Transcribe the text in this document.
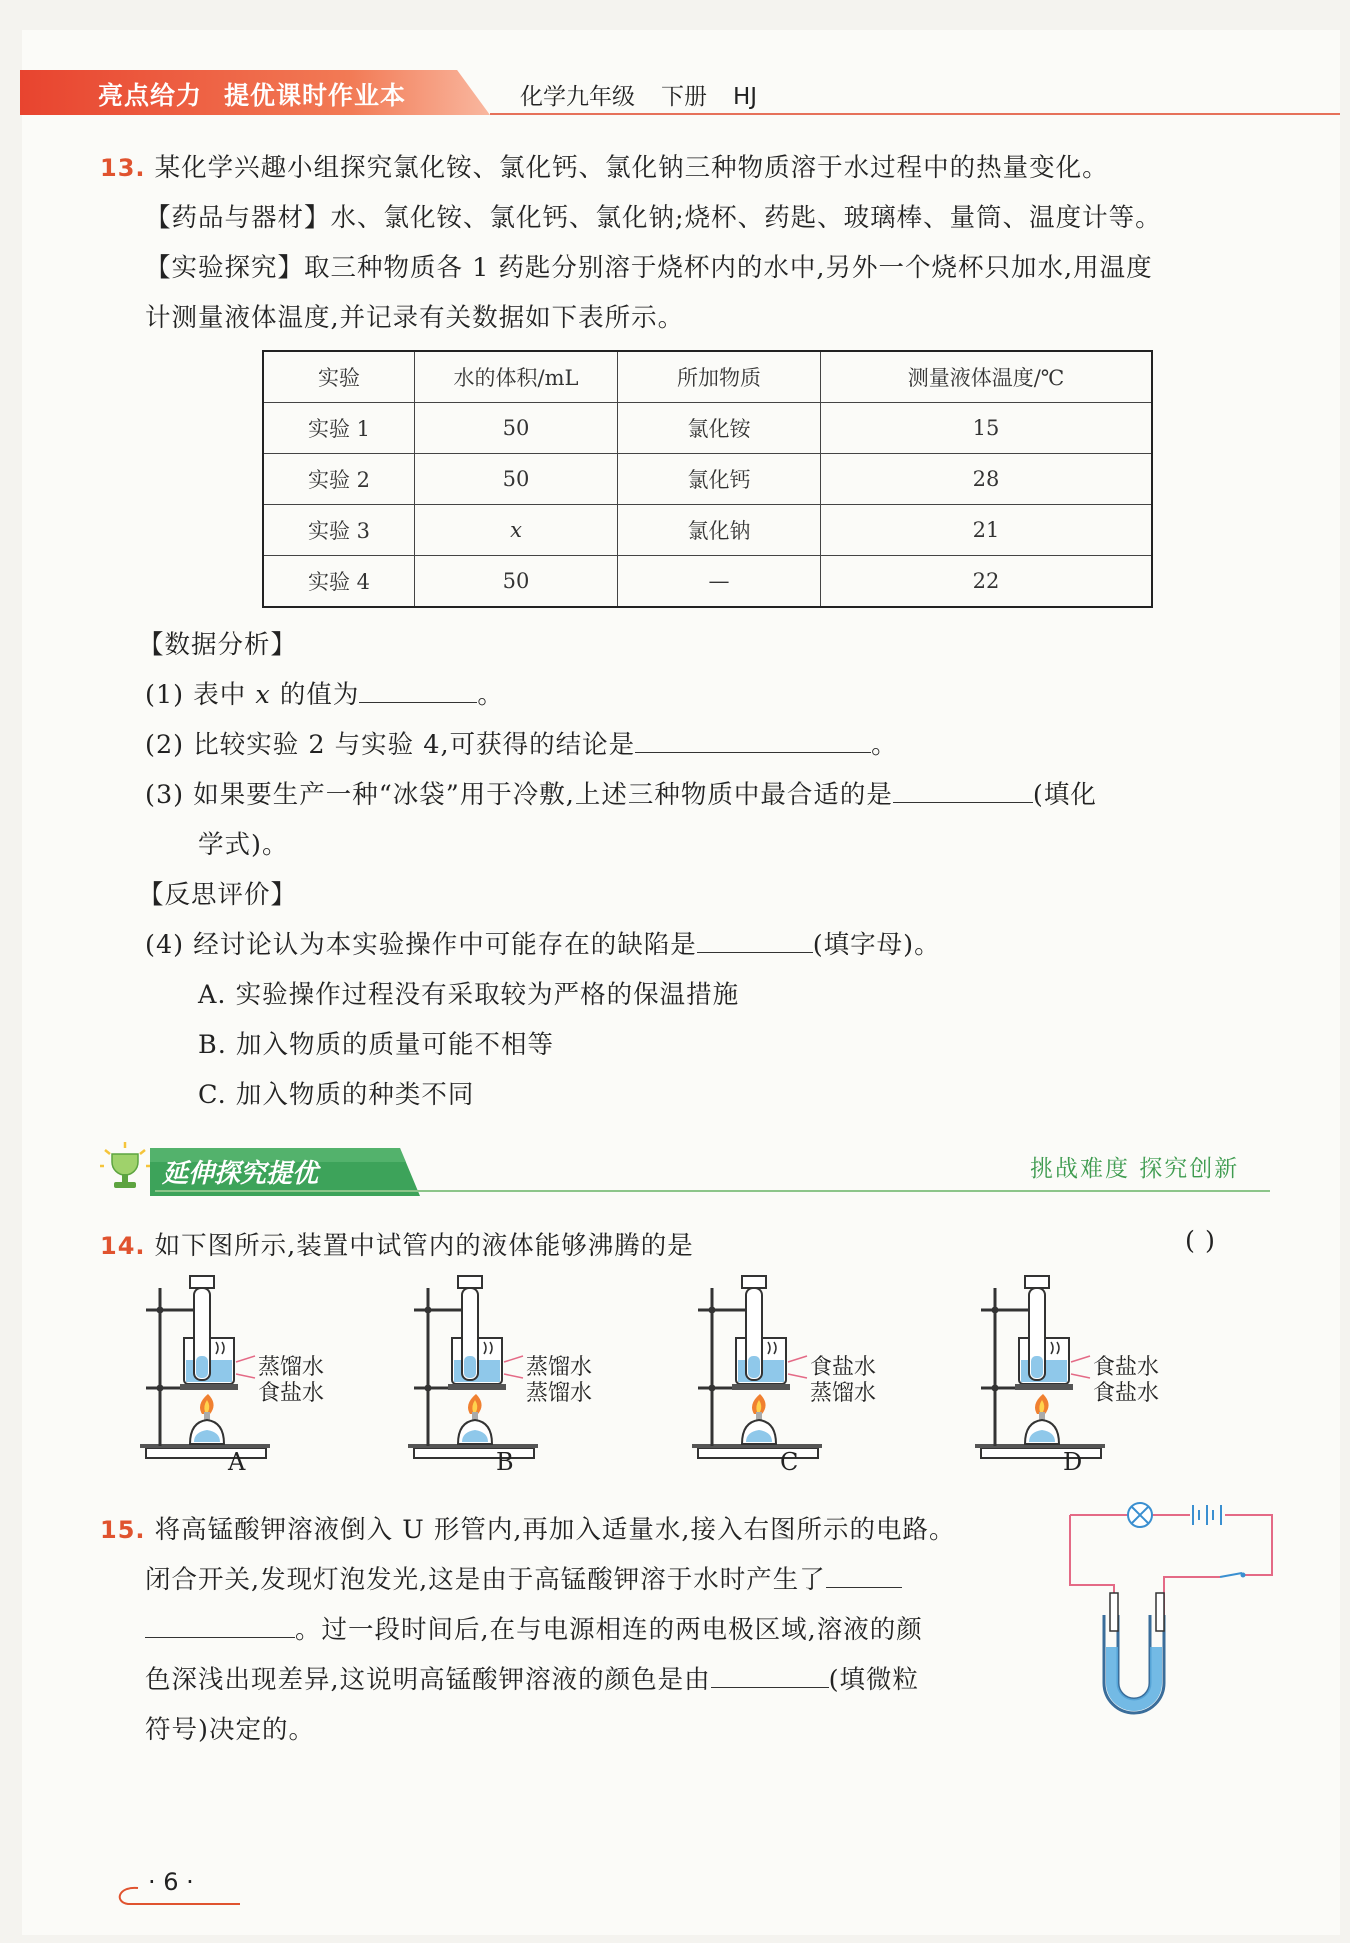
亮点给力 提优课时作业本	化学九年级 下册 HJ
13. 某化学兴趣小组探究氯化铵、氯化钙、氯化钠三种物质溶于水过程中的热量变化。
【药品与器材】水、氯化铵、氯化钙、氯化钠;烧杯、药匙、玻璃棒、量筒、温度计等。
【实验探究】取三种物质各 1 药匙分别溶于烧杯内的水中,另外一个烧杯只加水,用温度
计测量液体温度,并记录有关数据如下表所示。
实验	水的体积/mL	所加物质	测量液体温度/℃
实验 1	50	氯化铵	15
实验 2	50	氯化钙	28
实验 3	x	氯化钠	21
实验 4	50	—	22
【数据分析】
(1) 表中 x 的值为	。
(2) 比较实验 2 与实验 4,可获得的结论是	。
(3) 如果要生产一种“冰袋”用于冷敷,上述三种物质中最合适的是	(填化
学式)。
【反思评价】
(4) 经讨论认为本实验操作中可能存在的缺陷是	(填字母)。
A. 实验操作过程没有采取较为严格的保温措施
B. 加入物质的质量可能不相等
C. 加入物质的种类不同
延伸探究提优	挑战难度 探究创新
14. 如下图所示,装置中试管内的液体能够沸腾的是	( )
蒸馏水
食盐水
A
蒸馏水
蒸馏水
B
食盐水
蒸馏水
C
食盐水
食盐水
D
15. 将高锰酸钾溶液倒入 U 形管内,再加入适量水,接入右图所示的电路。
闭合开关,发现灯泡发光,这是由于高锰酸钾溶于水时产生了
。过一段时间后,在与电源相连的两电极区域,溶液的颜
色深浅出现差异,这说明高锰酸钾溶液的颜色是由	(填微粒
符号)决定的。
· 6 ·
